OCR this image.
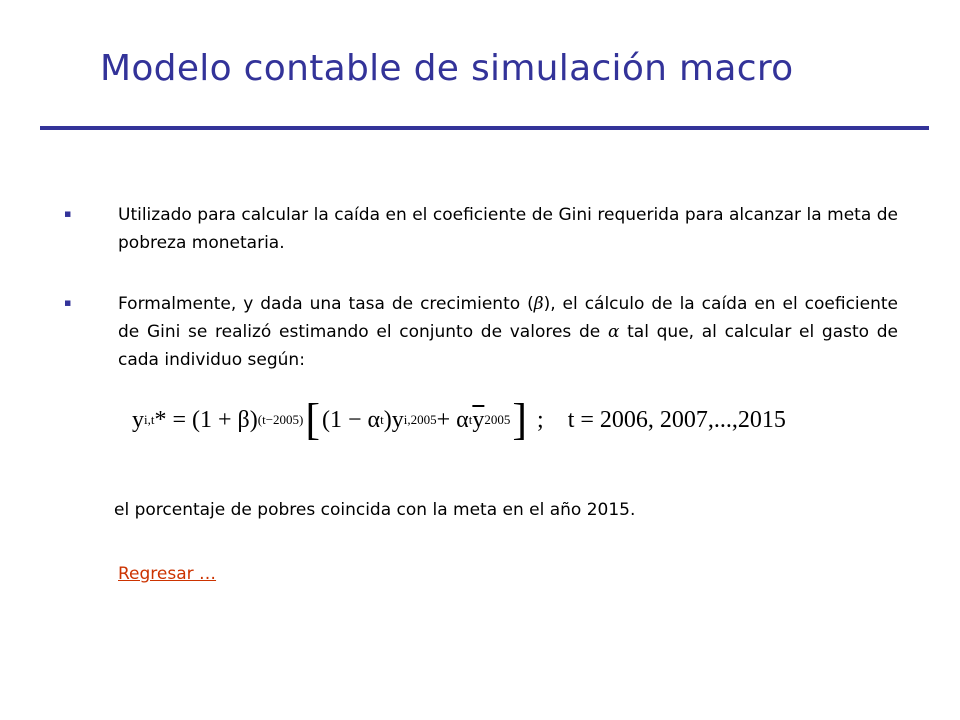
Modelo contable de simulación macro
▪	Utilizado para calcular la caída en el coeficiente de Gini requerida para alcanzar la meta de pobreza monetaria.
▪	Formalmente, y dada una tasa de crecimiento (β), el cálculo de la caída en el coeficiente de Gini se realizó estimando el conjunto de valores de α tal que, al calcular el gasto de cada individuo según:
y i,t * = (1 + β) (t−2005) [ (1 − α t )y i,2005 + α t $\overline{y}$ 2005 ] ; t = 2006, 2007,...,2015
el porcentaje de pobres coincida con la meta en el año 2015.
Regresar …
